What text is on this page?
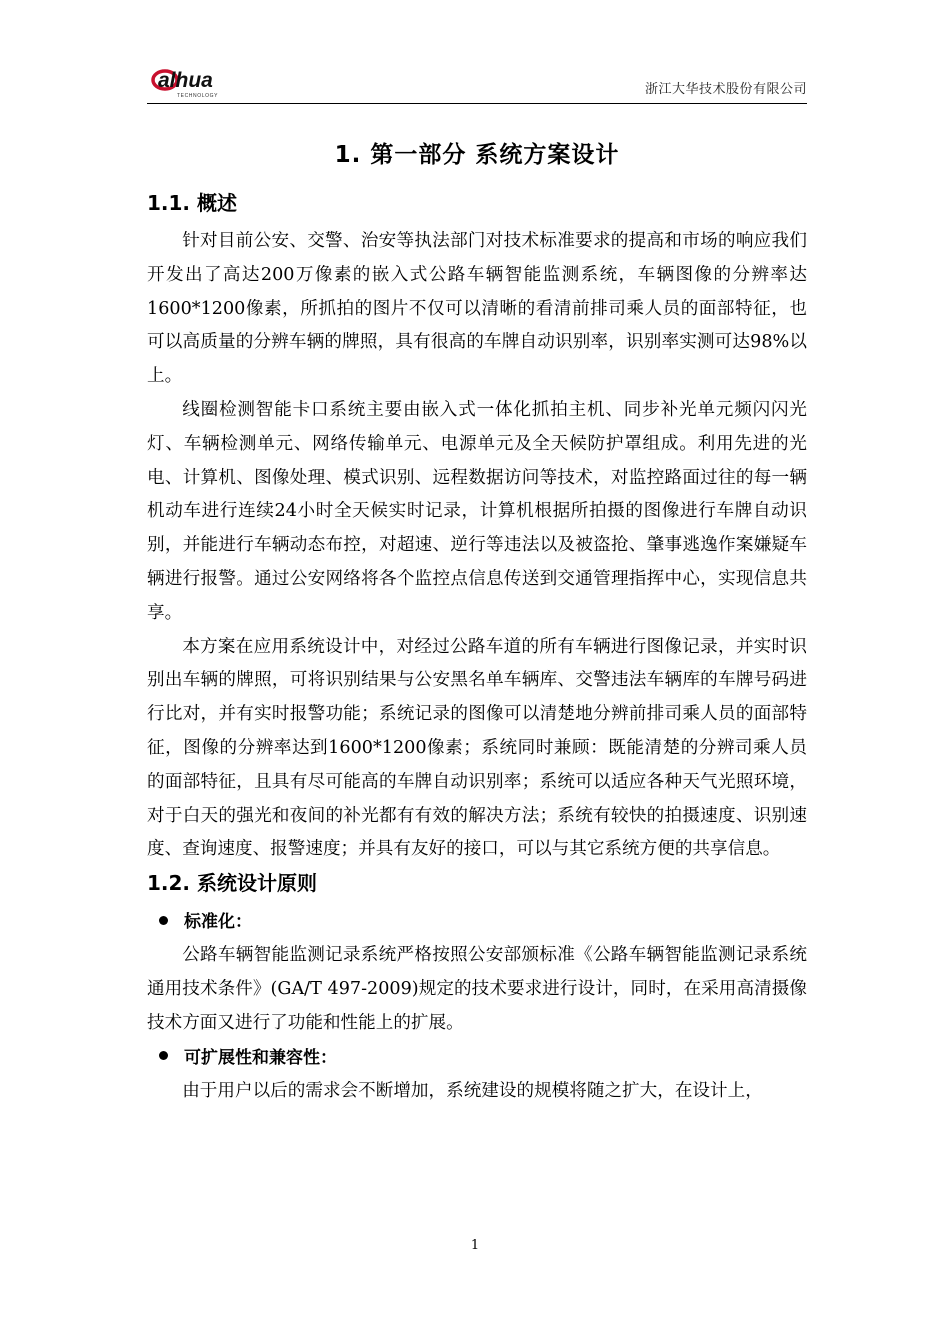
alhua
TECHNOLOGY	浙江大华技术股份有限公司
1. 第一部分 系统方案设计
1.1. 概述

针对目前公安、交警、治安等执法部门对技术标准要求的提高和市场的响应我们开发出了高达200万像素的嵌入式公路车辆智能监测系统，车辆图像的分辨率达1600*1200像素，所抓拍的图片不仅可以清晰的看清前排司乘人员的面部特征，也可以高质量的分辨车辆的牌照，具有很高的车牌自动识别率，识别率实测可达98%以上。

线圈检测智能卡口系统主要由嵌入式一体化抓拍主机、同步补光单元频闪闪光灯、车辆检测单元、网络传输单元、电源单元及全天候防护罩组成。利用先进的光电、计算机、图像处理、模式识别、远程数据访问等技术，对监控路面过往的每一辆机动车进行连续24小时全天候实时记录，计算机根据所拍摄的图像进行车牌自动识别，并能进行车辆动态布控，对超速、逆行等违法以及被盗抢、肇事逃逸作案嫌疑车辆进行报警。通过公安网络将各个监控点信息传送到交通管理指挥中心，实现信息共享。

本方案在应用系统设计中，对经过公路车道的所有车辆进行图像记录，并实时识别出车辆的牌照，可将识别结果与公安黑名单车辆库、交警违法车辆库的车牌号码进行比对，并有实时报警功能；系统记录的图像可以清楚地分辨前排司乘人员的面部特征，图像的分辨率达到1600*1200像素；系统同时兼顾：既能清楚的分辨司乘人员的面部特征，且具有尽可能高的车牌自动识别率；系统可以适应各种天气光照环境，对于白天的强光和夜间的补光都有有效的解决方法；系统有较快的拍摄速度、识别速度、查询速度、报警速度；并具有友好的接口，可以与其它系统方便的共享信息。

1.2. 系统设计原则
标准化：

公路车辆智能监测记录系统严格按照公安部颁标准《公路车辆智能监测记录系统通用技术条件》(GA/T 497-2009)规定的技术要求进行设计，同时，在采用高清摄像技术方面又进行了功能和性能上的扩展。

可扩展性和兼容性：

由于用户以后的需求会不断增加，系统建设的规模将随之扩大，在设计上，

1
